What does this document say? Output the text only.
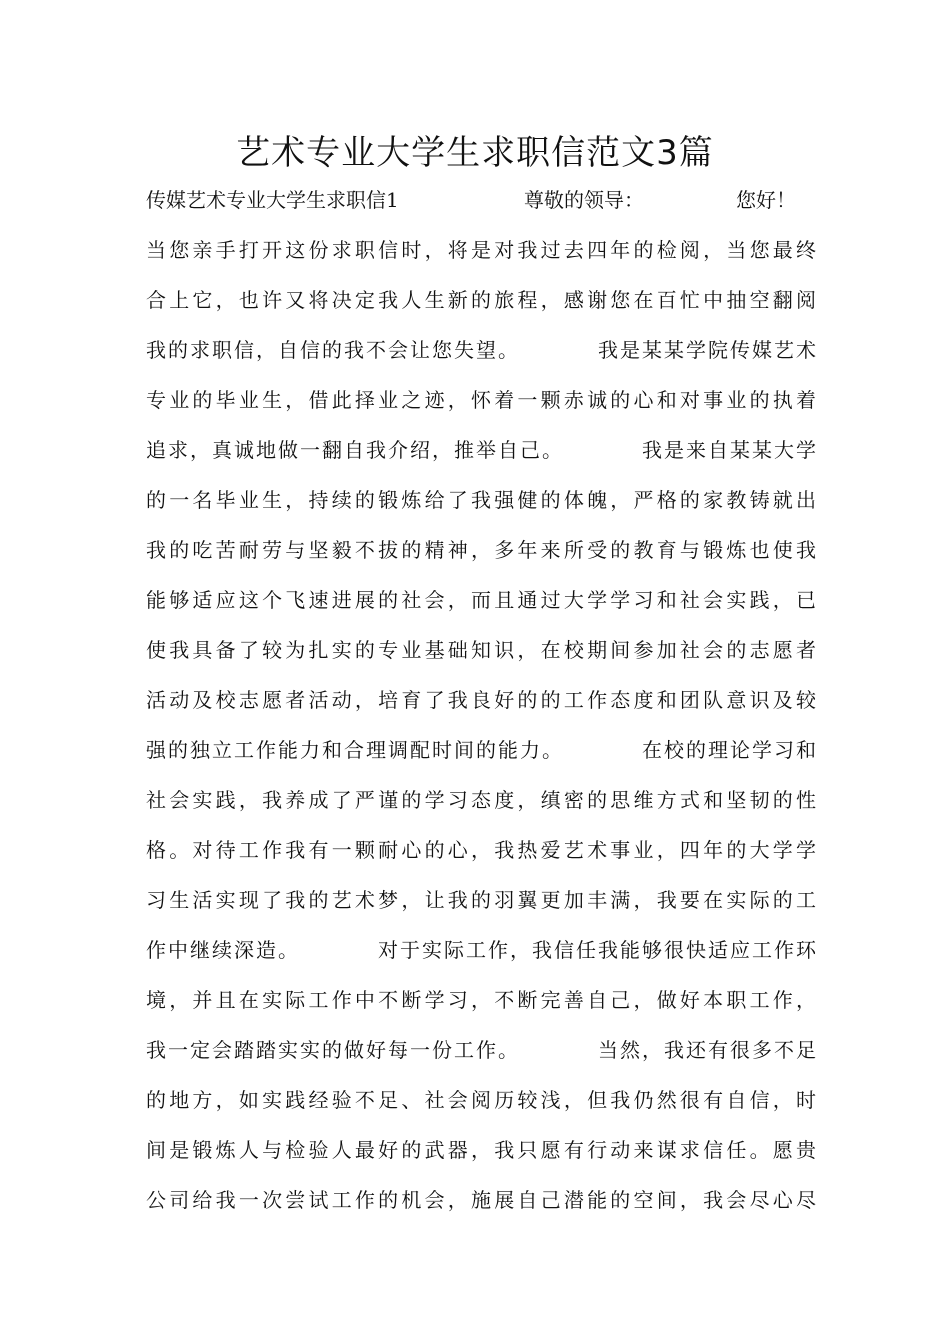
艺术专业大学生求职信范文3篇
传媒艺术专业大学生求职信1	尊敬的领导：	您好！
当您亲手打开这份求职信时，将是对我过去四年的检阅，当您最终
合上它，也许又将决定我人生新的旅程，感谢您在百忙中抽空翻阅
我的求职信，自信的我不会让您失望。　　　　我是某某学院传媒艺术
专业的毕业生，借此择业之迹，怀着一颗赤诚的心和对事业的执着
追求，真诚地做一翻自我介绍，推举自己。　　　　我是来自某某大学
的一名毕业生，持续的锻炼给了我强健的体魄，严格的家教铸就出
我的吃苦耐劳与坚毅不拔的精神，多年来所受的教育与锻炼也使我
能够适应这个飞速进展的社会，而且通过大学学习和社会实践，已
使我具备了较为扎实的专业基础知识，在校期间参加社会的志愿者
活动及校志愿者活动，培育了我良好的的工作态度和团队意识及较
强的独立工作能力和合理调配时间的能力。　　　　在校的理论学习和
社会实践，我养成了严谨的学习态度，缜密的思维方式和坚韧的性
格。对待工作我有一颗耐心的心，我热爱艺术事业，四年的大学学
习生活实现了我的艺术梦，让我的羽翼更加丰满，我要在实际的工
作中继续深造。　　　　对于实际工作，我信任我能够很快适应工作环
境，并且在实际工作中不断学习，不断完善自己，做好本职工作，
我一定会踏踏实实的做好每一份工作。　　　　当然，我还有很多不足
的地方，如实践经验不足、社会阅历较浅，但我仍然很有自信，时
间是锻炼人与检验人最好的武器，我只愿有行动来谋求信任。愿贵
公司给我一次尝试工作的机会，施展自己潜能的空间，我会尽心尽
